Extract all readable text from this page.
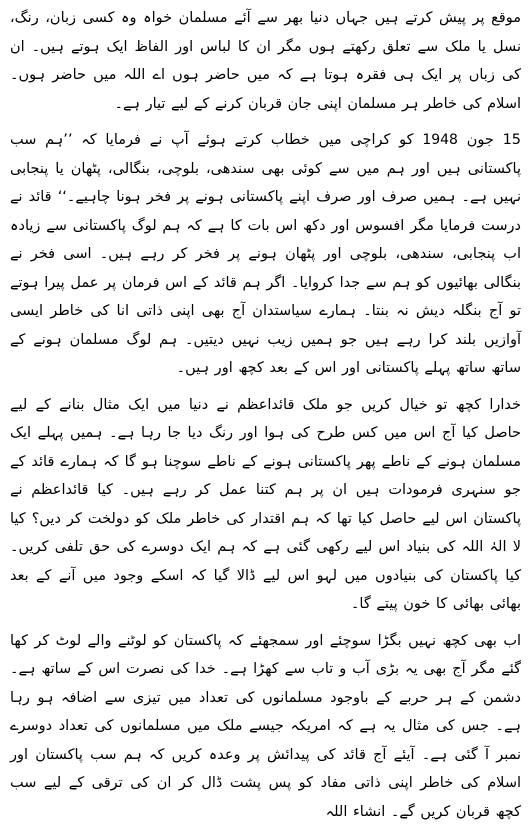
موقع پر پیش کرتے ہیں جہاں دنیا بھر سے آئے مسلمان خواہ وہ کسی زبان، رنگ، نسل یا ملک سے تعلق رکھتے ہوں مگر ان کا لباس اور الفاظ ایک ہوتے ہیں۔ ان کی زباں پر ایک ہی فقرہ ہوتا ہے کہ میں حاضر ہوں اے اللہ میں حاضر ہوں۔ اسلام کی خاطر ہر مسلمان اپنی جان قربان کرنے کے لیے تیار ہے۔

15 جون 1948 کو کراچی میں خطاب کرتے ہوئے آپ نے فرمایا کہ ’’ہم سب پاکستانی ہیں اور ہم میں سے کوئی بھی سندھی، بلوچی، بنگالی، پٹھان یا پنجابی نہیں ہے۔ ہمیں صرف اور صرف اپنے پاکستانی ہونے پر فخر ہونا چاہیے۔‘‘ قائد نے درست فرمایا مگر افسوس اور دکھ اس بات کا ہے کہ ہم لوگ پاکستانی سے زیادہ اب پنجابی، سندھی، بلوچی اور پٹھان ہونے پر فخر کر رہے ہیں۔ اسی فخر نے بنگالی بھائیوں کو ہم سے جدا کروایا۔ اگر ہم قائد کے اس فرمان پر عمل پیرا ہوتے تو آج بنگلہ دیش نہ بنتا۔ ہمارے سیاستدان آج بھی اپنی ذاتی انا کی خاطر ایسی آوازیں بلند کرا رہے ہیں جو ہمیں زیب نہیں دیتیں۔ ہم لوگ مسلمان ہونے کے ساتھ ساتھ پہلے پاکستانی اور اس کے بعد کچھ اور ہیں۔

خدارا کچھ تو خیال کریں جو ملک قائداعظم نے دنیا میں ایک مثال بنانے کے لیے حاصل کیا آج اس میں کس طرح کی ہوا اور رنگ دیا جا رہا ہے۔ ہمیں پہلے ایک مسلمان ہونے کے ناطے پھر پاکستانی ہونے کے ناطے سوچنا ہو گا کہ ہمارے قائد کے جو سنہری فرمودات ہیں ان پر ہم کتنا عمل کر رہے ہیں۔ کیا قائداعظم نے پاکستان اس لیے حاصل کیا تھا کہ ہم اقتدار کی خاطر ملک کو دولخت کر دیں؟ کیا لا الہٰ اللہ کی بنیاد اس لیے رکھی گئی ہے کہ ہم ایک دوسرے کی حق تلفی کریں۔ کیا پاکستان کی بنیادوں میں لہو اس لیے ڈالا گیا کہ اسکے وجود میں آنے کے بعد بھائی بھائی کا خون پیتے گا۔

اب بھی کچھ نہیں بگڑا سوچئے اور سمجھئے کہ پاکستان کو لوٹنے والے لوٹ کر کھا گئے مگر آج بھی یہ بڑی آب و تاب سے کھڑا ہے۔ خدا کی نصرت اس کے ساتھ ہے۔ دشمن کے ہر حربے کے باوجود مسلمانوں کی تعداد میں تیزی سے اضافہ ہو رہا ہے۔ جس کی مثال یہ ہے کہ امریکہ جیسے ملک میں مسلمانوں کی تعداد دوسرے نمبر آ گئی ہے۔ آیئے آج قائد کی پیدائش پر وعدہ کریں کہ ہم سب پاکستان اور اسلام کی خاطر اپنی ذاتی مفاد کو پس پشت ڈال کر ان کی ترقی کے لیے سب کچھ قربان کریں گے۔ انشاء اللہ
